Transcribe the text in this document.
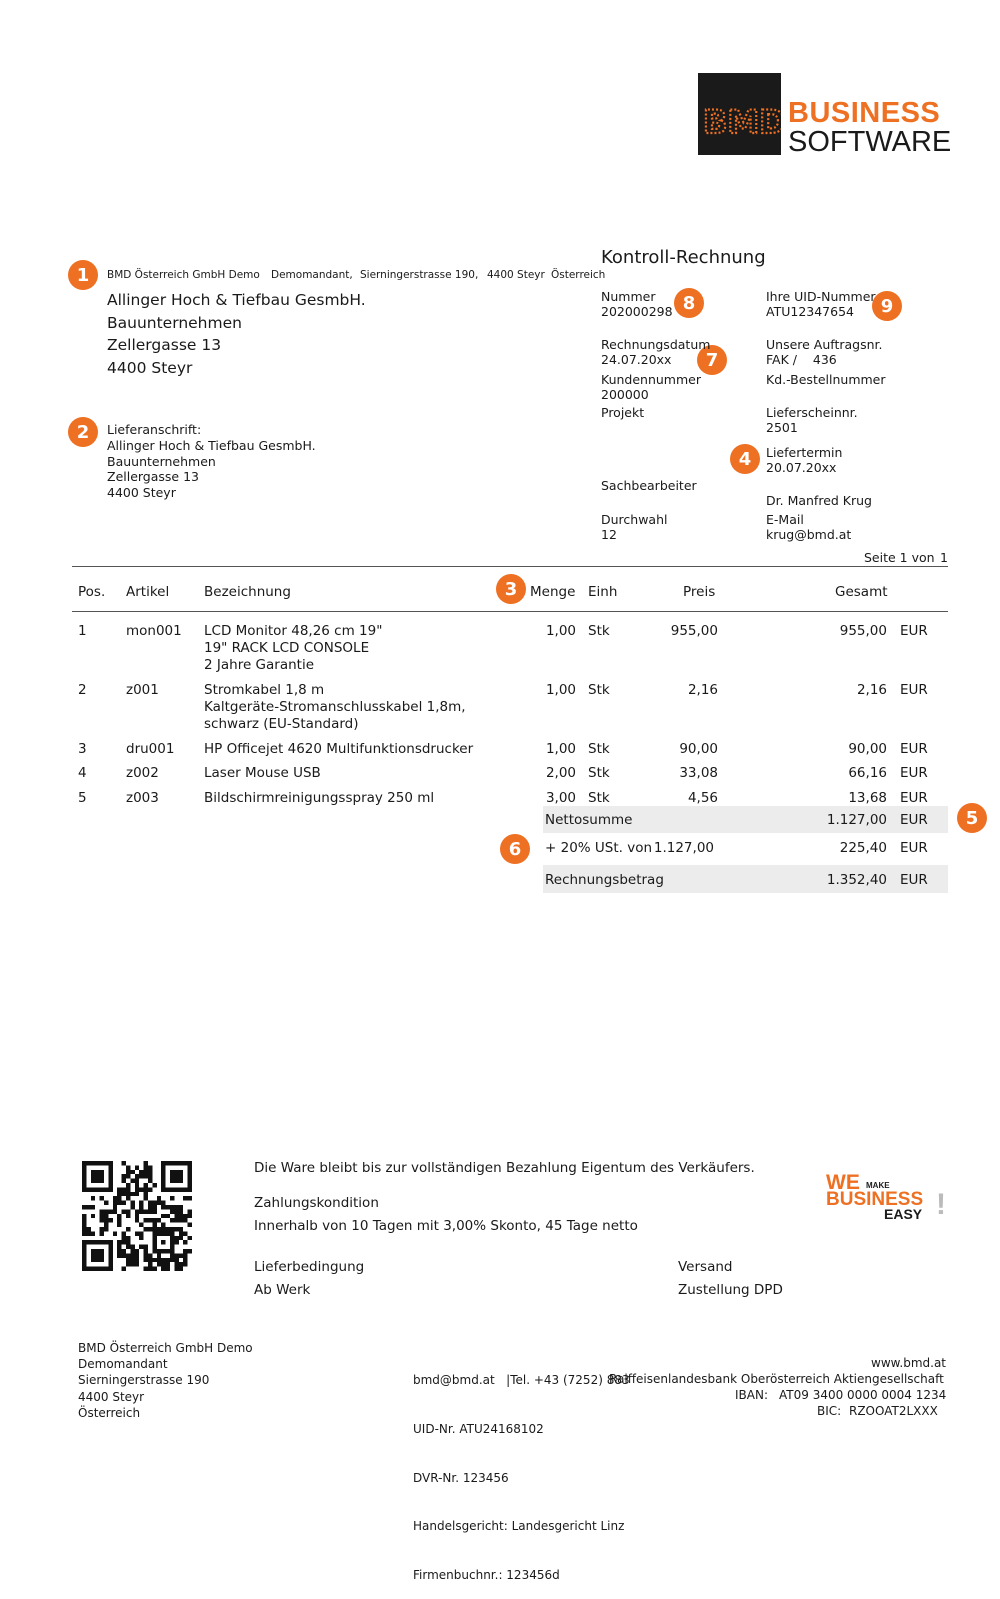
BMD BUSINESS
SOFTWARE
1
2
3
4
5
6
7
8	9
BMD Österreich GmbH Demo Demomandant, Sierningerstrasse 190, 4400 Steyr Österreich
Allinger Hoch & Tiefbau GesmbH.
Bauunternehmen
Zellergasse 13
4400 Steyr
Lieferanschrift:
Allinger Hoch & Tiefbau GesmbH.
Bauunternehmen
Zellergasse 13
4400 Steyr
Kontroll-Rechnung
Nummer
202000298
Ihre UID-Nummer
ATU12347654
Rechnungsdatum
24.07.20xx
Unsere Auftragsnr.
FAK /    436
Kundennummer
200000
Kd.-Bestellnummer
Projekt	Lieferscheinnr.
2501
Liefertermin
20.07.20xx
Sachbearbeiter
Dr. Manfred Krug
Durchwahl
12
E-Mail
krug@bmd.at
Seite 1 von 1
Pos. Artikel	Bezeichnung	Menge Einh	Preis	Gesamt
1	mon001 LCD Monitor 48,26 cm 19"
19" RACK LCD CONSOLE
2 Jahre Garantie
1,00 Stk	955,00	955,00 EUR
2	z001	Stromkabel 1,8 m
Kaltgeräte-Stromanschlusskabel 1,8m,
schwarz (EU-Standard)
1,00 Stk	2,16	2,16 EUR
3	dru001 HP Officejet 4620 Multifunktionsdrucker	1,00 Stk	90,00	90,00 EUR
4	z002	Laser Mouse USB	2,00 Stk	33,08	66,16 EUR
5	z003	Bildschirmreinigungsspray 250 ml	3,00 Stk	4,56	13,68 EUR
Nettosumme	1.127,00 EUR
+ 20% USt. von 1.127,00	225,40 EUR
Rechnungsbetrag	1.352,40 EUR
Die Ware bleibt bis zur vollständigen Bezahlung Eigentum des Verkäufers.
Zahlungskondition
Innerhalb von 10 Tagen mit 3,00% Skonto, 45 Tage netto
Lieferbedingung
Ab Werk
Versand
Zustellung DPD
WE MAKE
BUSINESS
EASY !
BMD Österreich GmbH Demo
Demomandant
Sierningerstrasse 190
4400 Steyr
Österreich

bmd@bmd.at   |Tel. +43 (7252) 883

UID-Nr. ATU24168102

DVR-Nr. 123456

Handelsgericht: Landesgericht Linz

Firmenbuchnr.: 123456d

www.bmd.at
Raiffeisenlandesbank Oberösterreich Aktiengesellschaft
IBAN: AT09 3400 0000 0004 1234
BIC: RZOOAT2LXXX
